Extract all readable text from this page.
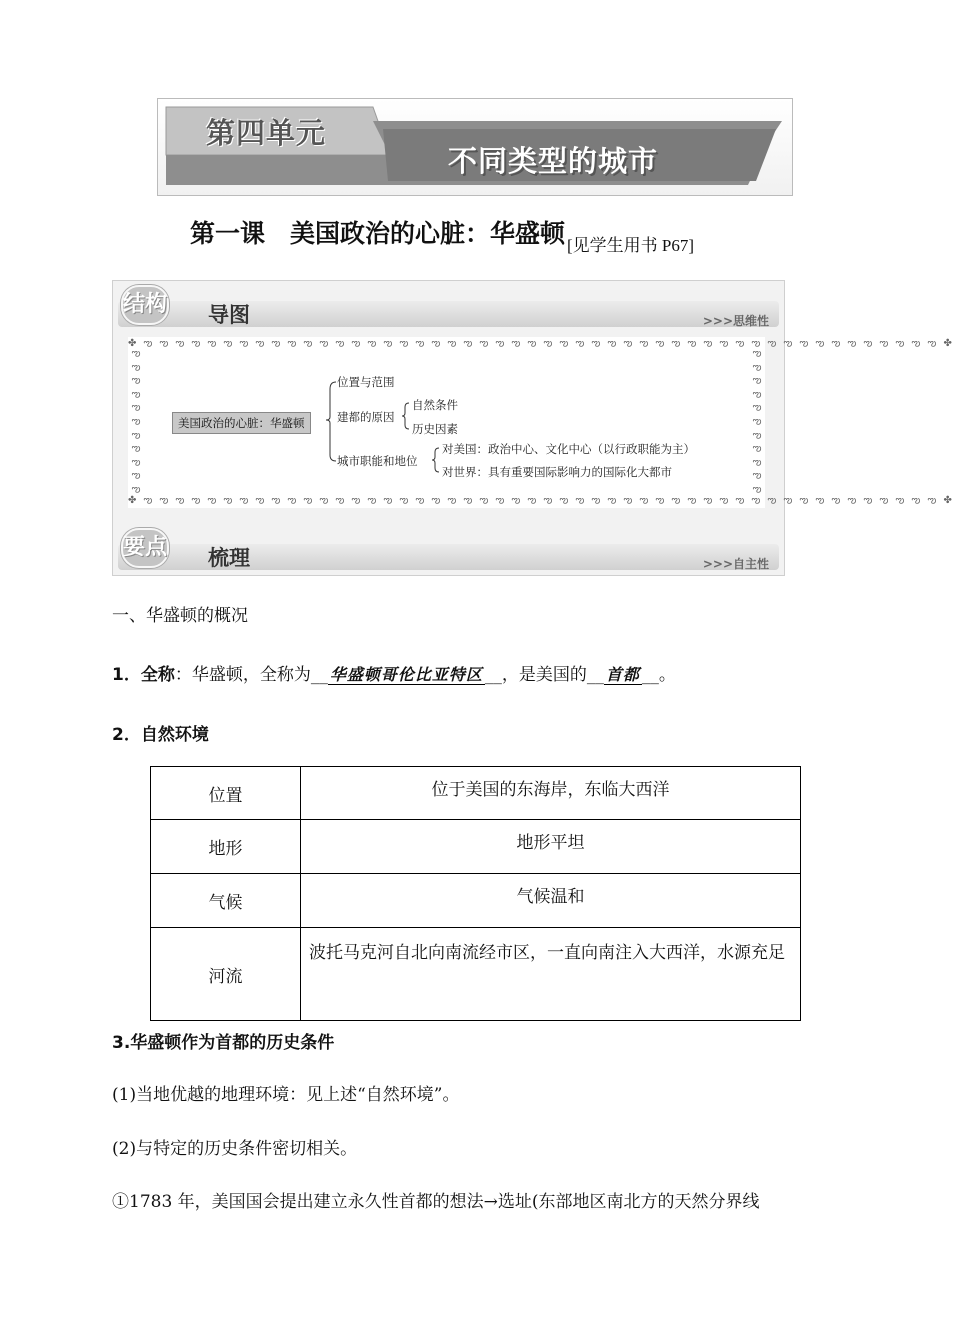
第四单元
不同类型的城市
第一课　美国政治的心脏：华盛顿 $_{[见学生用书 P67]}$
结构 导图	>>>思维性
✤ ఌ ఌ ఌ ఌ ఌ ఌ ఌ ఌ ఌ ఌ ఌ ఌ ఌ ఌ ఌ ఌ ఌ ఌ ఌ ఌ ఌ ఌ ఌ ఌ ఌ ఌ ఌ ఌ ఌ ఌ ఌ ఌ ఌ ఌ ఌ ఌ ఌ ఌ ఌ ఌ ఌ ఌ ఌ ఌ ఌ ఌ ఌ ఌ ఌ ఌ ✤
✤ ఌ ఌ ఌ ఌ ఌ ఌ ఌ ఌ ఌ ఌ ఌ ఌ ఌ ఌ ఌ ఌ ఌ ఌ ఌ ఌ ఌ ఌ ఌ ఌ ఌ ఌ ఌ ఌ ఌ ఌ ఌ ఌ ఌ ఌ ఌ ఌ ఌ ఌ ఌ ఌ ఌ ఌ ఌ ఌ ఌ ఌ ఌ ఌ ఌ ఌ ✤
ఌ ఌ ఌ ఌ ఌ ఌ ఌ ఌ ఌ ఌ ఌ
ఌ ఌ ఌ ఌ ఌ ఌ ఌ ఌ ఌ ఌ ఌ
美国政治的心脏：华盛顿
位置与范围
建都的原因
自然条件
历史因素
城市职能和地位
对美国：政治中心、文化中心（以行政职能为主）
对世界：具有重要国际影响力的国际化大都市
要点 梳理	>>>自主性
一、华盛顿的概况
1．全称：华盛顿，全称为__ 华盛顿哥伦比亚特区 __，是美国的__ 首都 __。
2．自然环境
位置	位于美国的东海岸，东临大西洋
地形	地形平坦
气候	气候温和
河流	波托马克河自北向南流经市区，一直向南注入大西洋，水源充足
3.华盛顿作为首都的历史条件
(1)当地优越的地理环境：见上述“自然环境”。
(2)与特定的历史条件密切相关。
①1783 年，美国国会提出建立永久性首都的想法→选址(东部地区南北方的天然分界线
